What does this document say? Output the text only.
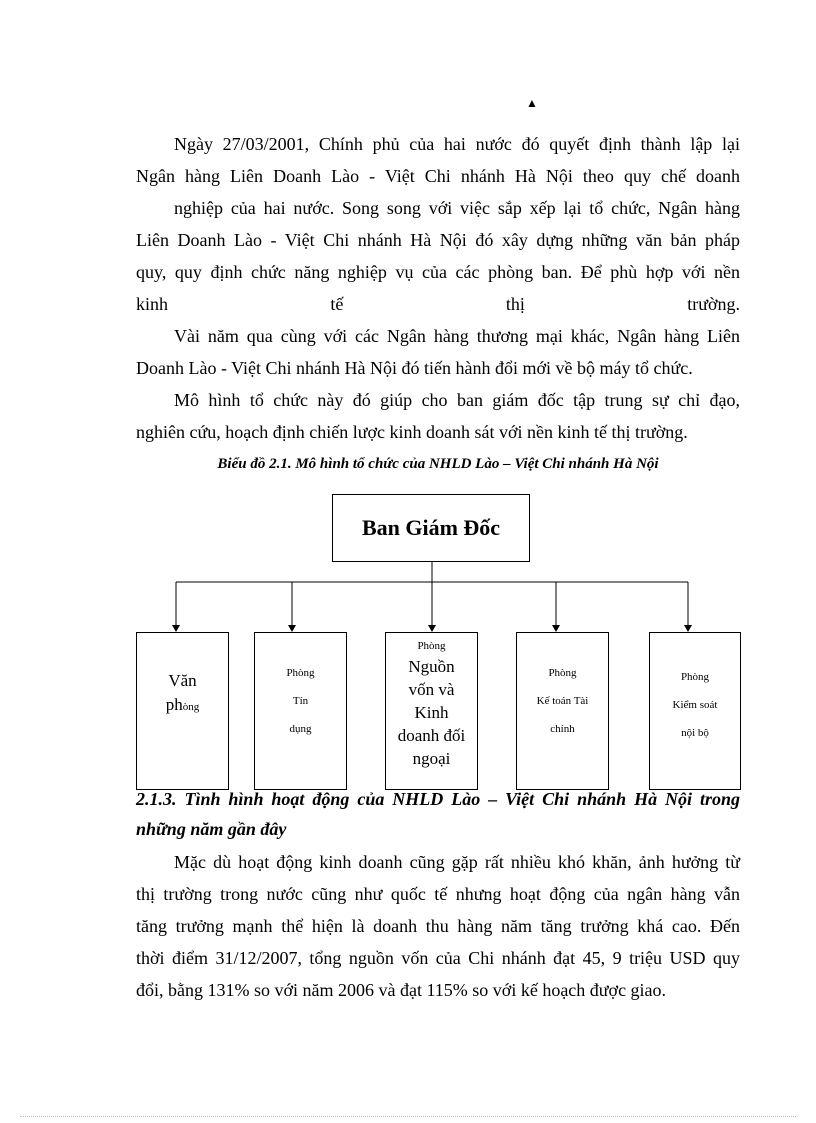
▲
Ngày 27/03/2001, Chính phủ của hai nước đó quyết định thành lập lại
Ngân hàng Liên Doanh Lào - Việt Chi nhánh Hà Nội theo quy chế doanh
nghiệp của hai nước. Song song với việc sắp xếp lại tổ chức, Ngân hàng
Liên Doanh Lào - Việt Chi nhánh Hà Nội đó xây dựng những văn bản pháp
quy, quy định chức năng nghiệp vụ của các phòng ban. Để phù hợp với nền
kinh tế thị trường.
Vài năm qua cùng với các Ngân hàng thương mại khác, Ngân hàng Liên
Doanh Lào - Việt Chi nhánh Hà Nội đó tiến hành đổi mới về bộ máy tổ chức.
Mô hình tổ chức này đó giúp cho ban giám đốc tập trung sự chỉ đạo,
nghiên cứu, hoạch định chiến lược kinh doanh sát với nền kinh tế thị trường.
Biểu đồ 2.1. Mô hình tổ chức của NHLD Lào – Việt Chi nhánh Hà Nội
Ban Giám Đốc
Văn
phòng
Phòng
Tín
dụng
Phòng
Nguồn
vốn và
Kinh
doanh đối
ngoại
Phòng
Kế toán Tài
chính
Phòng
Kiểm soát
nội bộ
2.1.3. Tình hình hoạt động của NHLD Lào – Việt Chi nhánh Hà Nội trong
những năm gần đây
Mặc dù hoạt động kinh doanh cũng gặp rất nhiều khó khăn, ảnh hưởng từ
thị trường trong nước cũng như quốc tế nhưng hoạt động của ngân hàng vẫn
tăng trưởng mạnh thể hiện là doanh thu hàng năm tăng trưởng khá cao. Đến
thời điểm 31/12/2007, tổng nguồn vốn của Chi nhánh đạt 45, 9 triệu USD quy
đổi, bằng 131% so với năm 2006 và đạt 115% so với kế hoạch được giao.
